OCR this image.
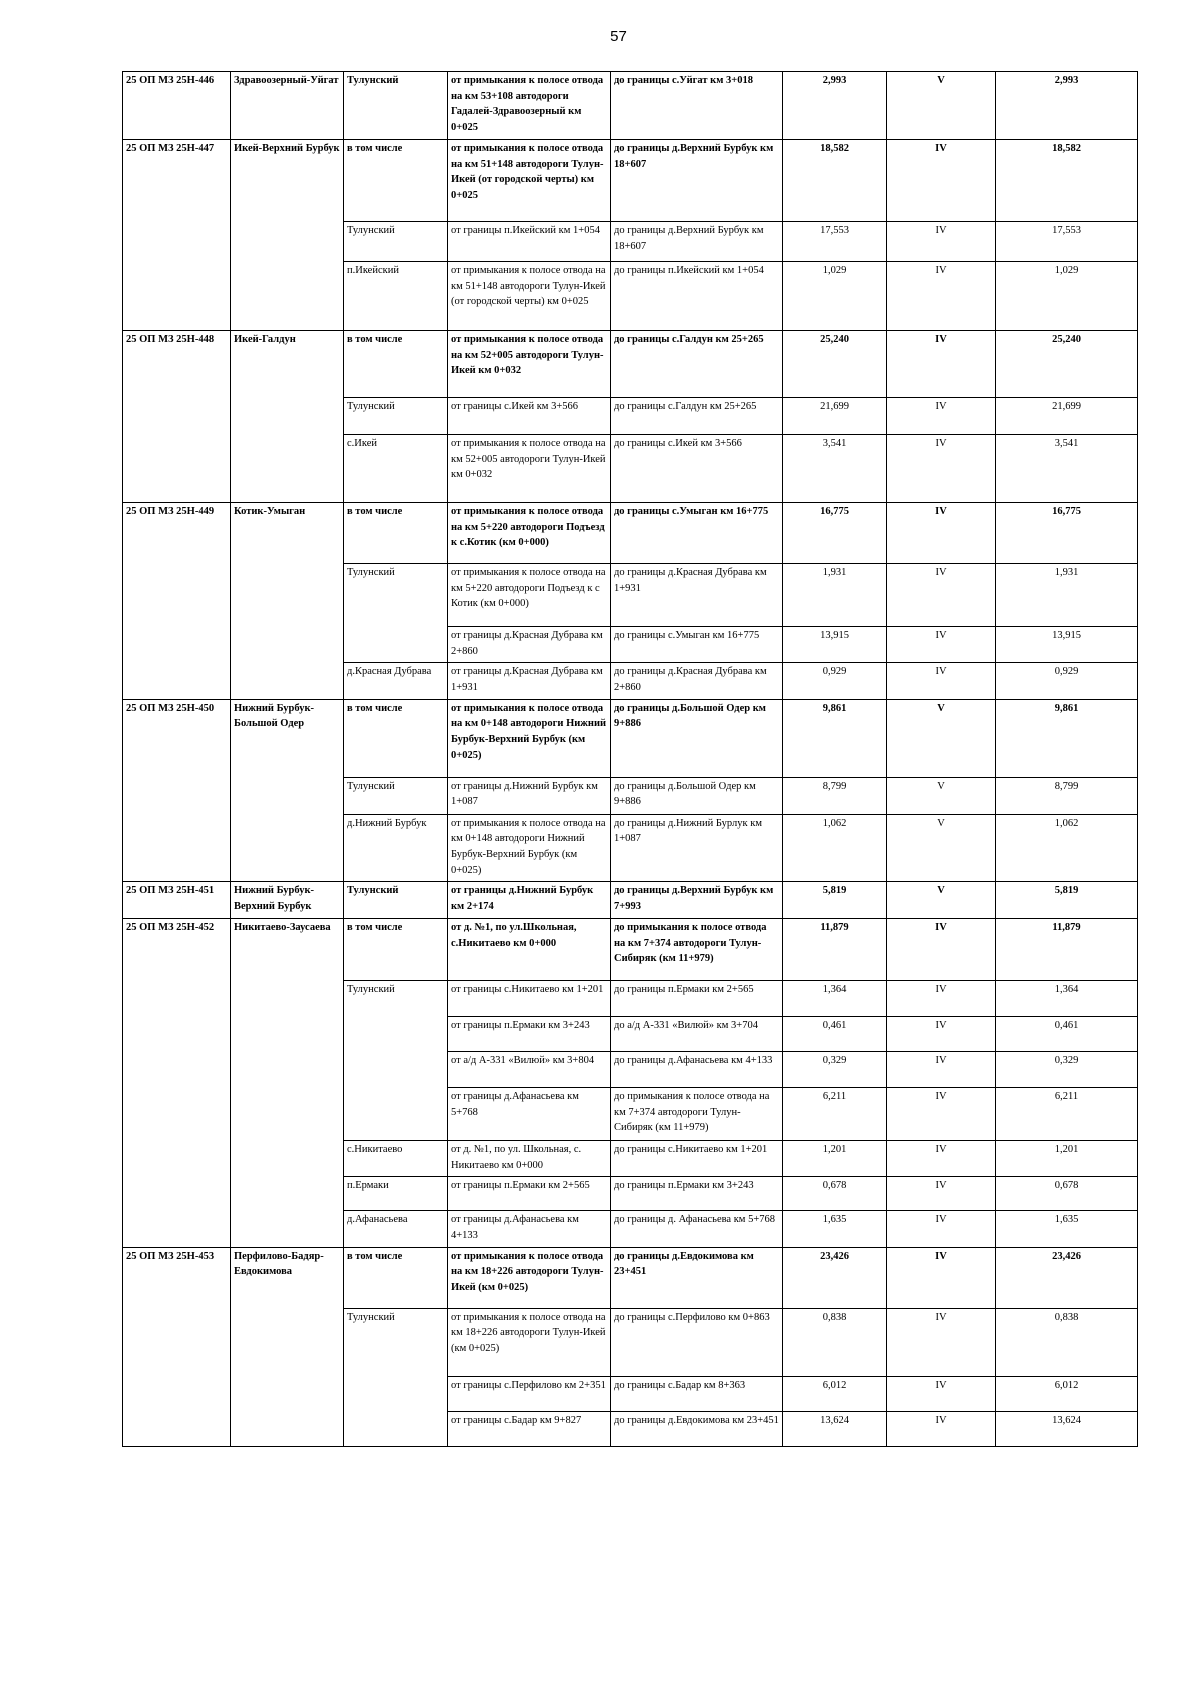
57
25 ОП МЗ 25Н-446	Здравоозерный-Уйгат	Тулунский	от примыкания к полосе отвода на км 53+108 автодороги Гадалей-Здравоозерный км 0+025	до границы с.Уйгат км 3+018	2,993	V	2,993
25 ОП МЗ 25Н-447	Икей-Верхний Бурбук	в том числе	от примыкания к полосе отвода на км 51+148 автодороги Тулун-Икей (от городской черты) км 0+025	до границы д.Верхний Бурбук км 18+607	18,582	IV	18,582
		Тулунский	от границы п.Икейский км 1+054	до границы д.Верхний Бурбук км 18+607	17,553	IV	17,553
		п.Икейский	от примыкания к полосе отвода на км 51+148 автодороги Тулун-Икей (от городской черты) км 0+025	до границы п.Икейский км 1+054	1,029	IV	1,029
25 ОП МЗ 25Н-448	Икей-Галдун	в том числе	от примыкания к полосе отвода на км 52+005 автодороги Тулун-Икей км 0+032	до границы с.Галдун км 25+265	25,240	IV	25,240
		Тулунский	от границы с.Икей км 3+566	до границы с.Галдун км 25+265	21,699	IV	21,699
		с.Икей	от примыкания к полосе отвода на км 52+005 автодороги Тулун-Икей км 0+032	до границы с.Икей км 3+566	3,541	IV	3,541
25 ОП МЗ 25Н-449	Котик-Умыган	в том числе	от примыкания к полосе отвода на км 5+220 автодороги Подъезд к с.Котик (км 0+000)	до границы с.Умыган км 16+775	16,775	IV	16,775
		Тулунский	от примыкания к полосе отвода на км 5+220 автодороги Подъезд к с Котик (км 0+000)	до границы д.Красная Дубрава км 1+931	1,931	IV	1,931
			от границы д.Красная Дубрава км 2+860	до границы с.Умыган км 16+775	13,915	IV	13,915
		д.Красная Дубрава	от границы д.Красная Дубрава км 1+931	до границы д.Красная Дубрава км 2+860	0,929	IV	0,929
25 ОП МЗ 25Н-450	Нижний Бурбук-Большой Одер	в том числе	от примыкания к полосе отвода на км 0+148 автодороги Нижний Бурбук-Верхний Бурбук (км 0+025)	до границы д.Большой Одер км 9+886	9,861	V	9,861
		Тулунский	от границы д.Нижний Бурбук км 1+087	до границы д.Большой Одер км 9+886	8,799	V	8,799
		д.Нижний Бурбук	от примыкания к полосе отвода на км 0+148 автодороги Нижний Бурбук-Верхний Бурбук (км 0+025)	до границы д.Нижний Бурлук км 1+087	1,062	V	1,062
25 ОП МЗ 25Н-451	Нижний Бурбук-Верхний Бурбук	Тулунский	от границы д.Нижний Бурбук км 2+174	до границы д.Верхний Бурбук км 7+993	5,819	V	5,819
25 ОП МЗ 25Н-452	Никитаево-Заусаева	в том числе	от д. №1, по ул.Школьная, с.Никитаево км 0+000	до примыкания к полосе отвода на км 7+374 автодороги Тулун-Сибиряк (км 11+979)	11,879	IV	11,879
		Тулунский	от границы с.Никитаево км 1+201	до границы п.Ермаки км 2+565	1,364	IV	1,364
			от границы п.Ермаки км 3+243	до а/д А-331 «Вилюй» км 3+704	0,461	IV	0,461
			от а/д А-331 «Вилюй» км 3+804	до границы д.Афанасьева км 4+133	0,329	IV	0,329
			от границы д.Афанасьева км 5+768	до примыкания к полосе отвода на км 7+374 автодороги Тулун-Сибиряк (км 11+979)	6,211	IV	6,211
		с.Никитаево	от д. №1, по ул. Школьная, с. Никитаево км 0+000	до границы с.Никитаево км 1+201	1,201	IV	1,201
		п.Ермаки	от границы п.Ермаки км 2+565	до границы п.Ермаки км 3+243	0,678	IV	0,678
		д.Афанасьева	от границы д.Афанасьева км 4+133	до границы д. Афанасьева км 5+768	1,635	IV	1,635
25 ОП МЗ 25Н-453	Перфилово-Бадяр-Евдокимова	в том числе	от примыкания к полосе отвода на км 18+226 автодороги Тулун-Икей (км 0+025)	до границы д.Евдокимова км 23+451	23,426	IV	23,426
		Тулунский	от примыкания к полосе отвода на км 18+226 автодороги Тулун-Икей (км 0+025)	до границы с.Перфилово км 0+863	0,838	IV	0,838
			от границы с.Перфилово км 2+351	до границы с.Бадар км 8+363	6,012	IV	6,012
			от границы с.Бадар км 9+827	до границы д.Евдокимова км 23+451	13,624	IV	13,624
